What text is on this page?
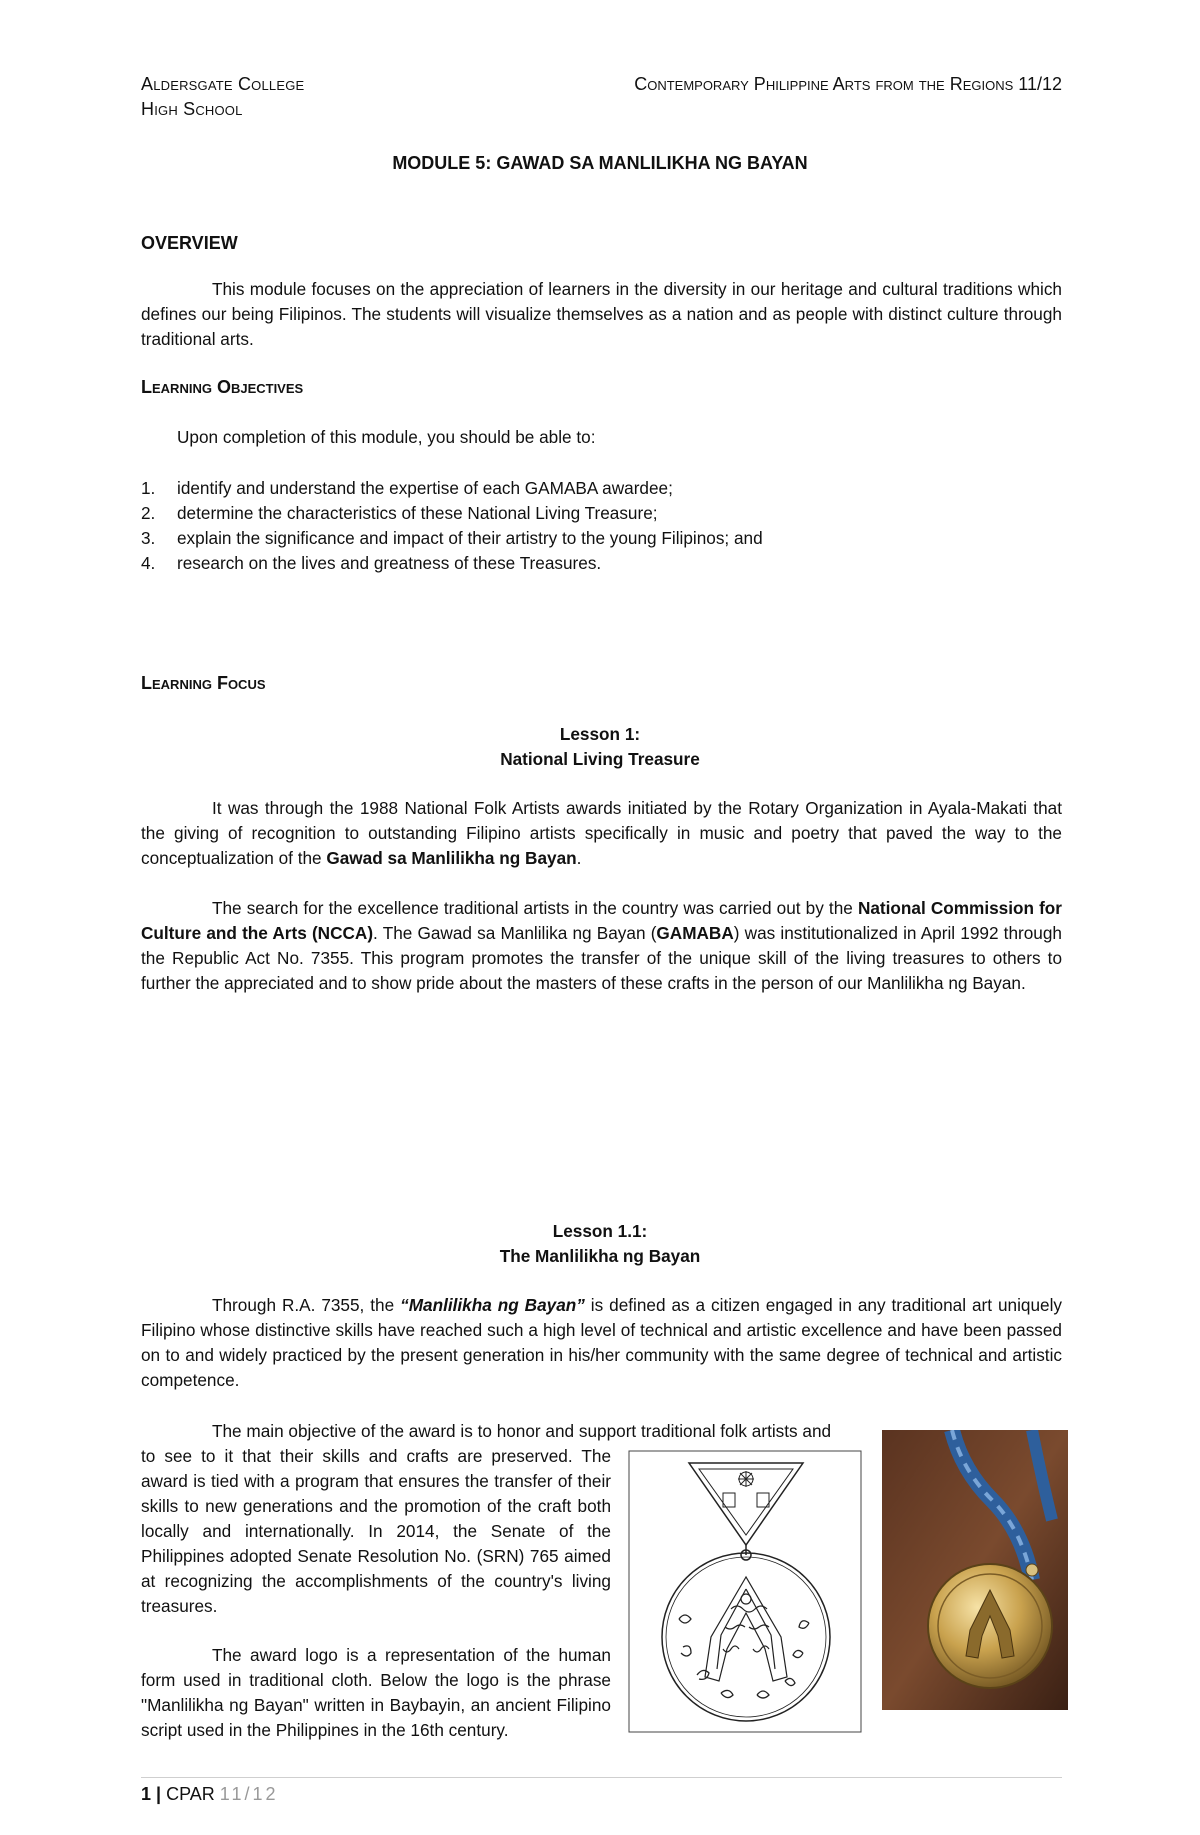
Aldersgate College
High School
Contemporary Philippine Arts from the Regions 11/12
MODULE 5: GAWAD SA MANLILIKHA NG BAYAN
OVERVIEW

This module focuses on the appreciation of learners in the diversity in our heritage and cultural traditions which defines our being Filipinos. The students will visualize themselves as a nation and as people with distinct culture through traditional arts.

Learning Objectives
Upon completion of this module, you should be able to:
1. identify and understand the expertise of each GAMABA awardee;
2. determine the characteristics of these National Living Treasure;
3. explain the significance and impact of their artistry to the young Filipinos; and
4. research on the lives and greatness of these Treasures.
Learning Focus
Lesson 1:
National Living Treasure

It was through the 1988 National Folk Artists awards initiated by the Rotary Organization in Ayala-Makati that the giving of recognition to outstanding Filipino artists specifically in music and poetry that paved the way to the conceptualization of the Gawad sa Manlilikha ng Bayan.

The search for the excellence traditional artists in the country was carried out by the National Commission for Culture and the Arts (NCCA). The Gawad sa Manlilika ng Bayan (GAMABA) was institutionalized in April 1992 through the Republic Act No. 7355. This program promotes the transfer of the unique skill of the living treasures to others to further the appreciated and to show pride about the masters of these crafts in the person of our Manlilikha ng Bayan.

Lesson 1.1:
The Manlilikha ng Bayan

Through R.A. 7355, the “Manlilikha ng Bayan” is defined as a citizen engaged in any traditional art uniquely Filipino whose distinctive skills have reached such a high level of technical and artistic excellence and have been passed on to and widely practiced by the present generation in his/her community with the same degree of technical and artistic competence.

The main objective of the award is to honor and support traditional folk artists and

to see to it that their skills and crafts are preserved. The award is tied with a program that ensures the transfer of their skills to new generations and the promotion of the craft both locally and internationally. In 2014, the Senate of the Philippines adopted Senate Resolution No. (SRN) 765 aimed at recognizing the accomplishments of the country's living treasures.

The award logo is a representation of the human form used in traditional cloth. Below the logo is the phrase "Manlilikha ng Bayan" written in Baybayin, an ancient Filipino script used in the Philippines in the 16th century.

1 | CPAR 11/12
